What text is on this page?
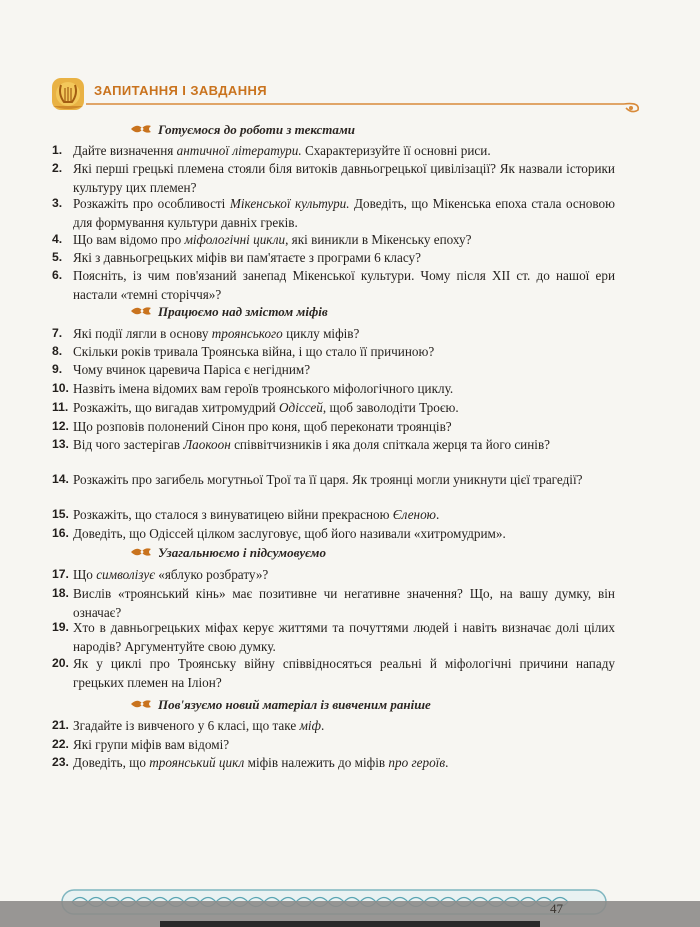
ЗАПИТАННЯ І ЗАВДАННЯ
Готуємося до роботи з текстами
1. Дайте визначення античної літератури. Схарактеризуйте її основні риси.
2. Які перші грецькі племена стояли біля витоків давньогрецької цивілізації? Як назвали історики культуру цих племен?
3. Розкажіть про особливості Мікенської культури. Доведіть, що Мікенська епоха стала основою для формування культури давніх греків.
4. Що вам відомо про міфологічні цикли, які виникли в Мікенську епоху?
5. Які з давньогрецьких міфів ви пам'ятаєте з програми 6 класу?
6. Поясніть, із чим пов'язаний занепад Мікенської культури. Чому після XII ст. до нашої ери настали «темні сторіччя»?
Працюємо над змістом міфів
7. Які події лягли в основу троянського циклу міфів?
8. Скільки років тривала Троянська війна, і що стало її причиною?
9. Чому вчинок царевича Паріса є негідним?
10. Назвіть імена відомих вам героїв троянського міфологічного циклу.
11. Розкажіть, що вигадав хитромудрий Одіссей, щоб заволодіти Троєю.
12. Що розповів полонений Сінон про коня, щоб переконати троянців?
13. Від чого застерігав Лаокоон співвітчизників і яка доля спіткала жерця та його синів?
14. Розкажіть про загибель могутньої Трої та її царя. Як троянці могли уникнути цієї трагедії?
15. Розкажіть, що сталося з винуватицею війни прекрасною Єленою.
16. Доведіть, що Одіссей цілком заслуговує, щоб його називали «хитромудрим».
Узагальнюємо і підсумовуємо
17. Що символізує «яблуко розбрату»?
18. Вислів «троянський кінь» має позитивне чи негативне значення? Що, на вашу думку, він означає?
19. Хто в давньогрецьких міфах керує життями та почуттями людей і навіть визначає долі цілих народів? Аргументуйте свою думку.
20. Як у циклі про Троянську війну співвідносяться реальні й міфологічні причини нападу грецьких племен на Іліон?
Пов'язуємо новий матеріал із вивченим раніше
21. Згадайте із вивченого у 6 класі, що таке міф.
22. Які групи міфів вам відомі?
23. Доведіть, що троянський цикл міфів належить до міфів про героїв.
47
